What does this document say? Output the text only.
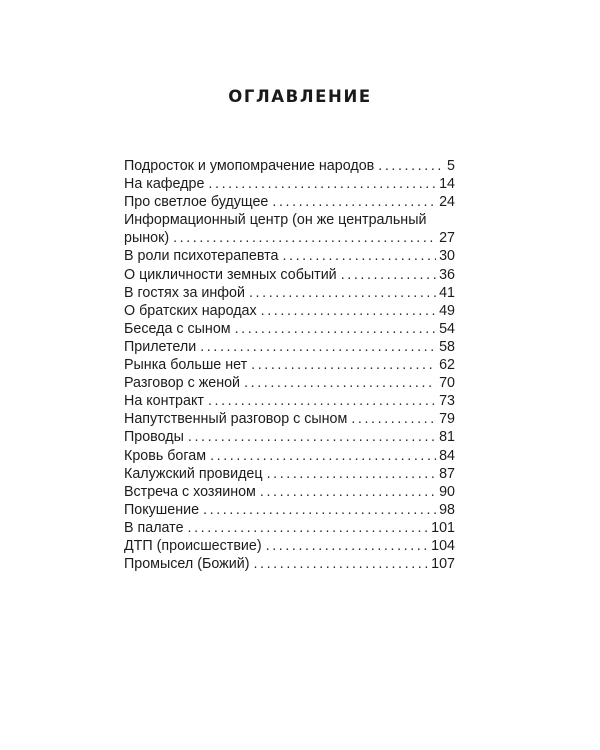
ОГЛАВЛЕНИЕ
Подросток и умопомрачение народов .....	5
На кафедре .....	14
Про светлое будущее .....	24
Информационный центр (он же центральный
рынок) .....	27
В роли психотерапевта .....	30
О цикличности земных событий .....	36
В гостях за инфой .....	41
О братских народах .....	49
Беседа с сыном .....	54
Прилетели .....	58
Рынка больше нет .....	62
Разговор с женой .....	70
На контракт .....	73
Напутственный разговор с сыном .....	79
Проводы .....	81
Кровь богам .....	84
Калужский провидец .....	87
Встреча с хозяином .....	90
Покушение .....	98
В палате .....	101
ДТП (происшествие) .....	104
Промысел (Божий) .....	107
